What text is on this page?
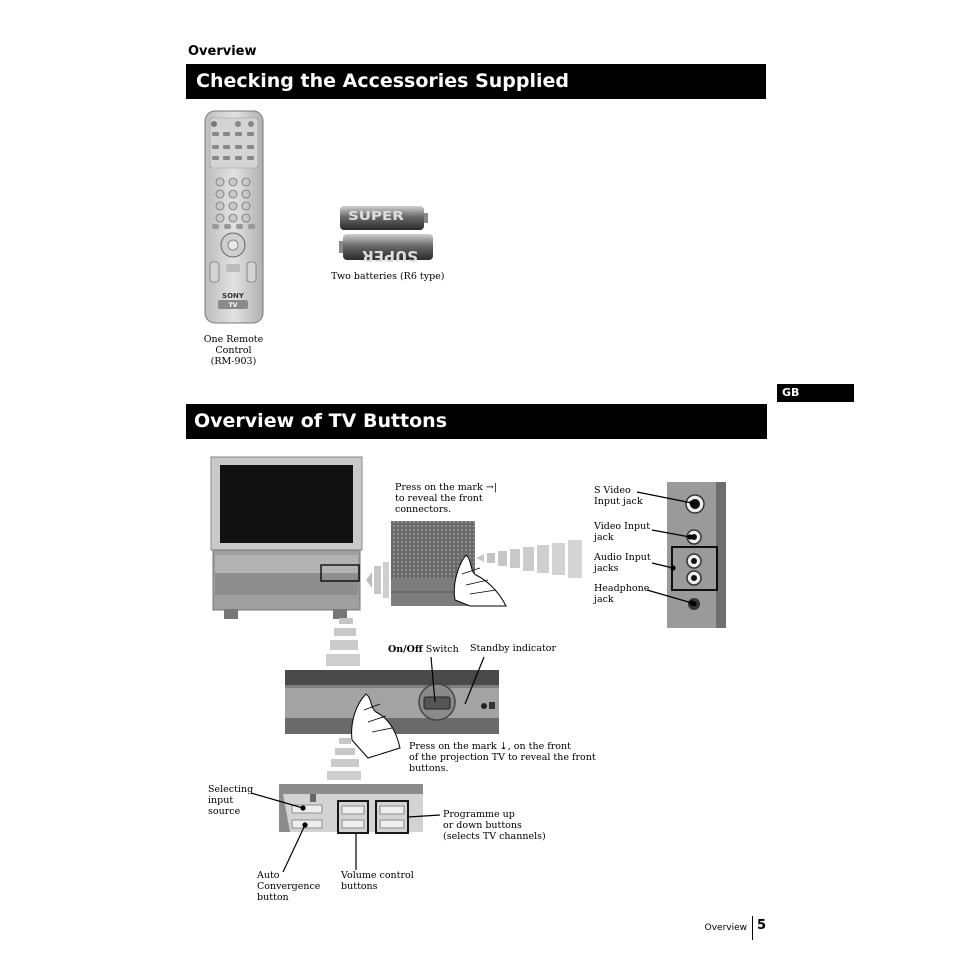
Overview
Checking the Accessories Supplied
GB
Overview of TV Buttons
SONY
TV
SUPER
SUPER
One Remote Control
(RM-903)
Two batteries (R6 type)
Press on the mark →|
to reveal the front
connectors.
S Video
Input jack
Video Input
jack
Audio Input
jacks
Headphone
jack
On/Off Switch Standby indicator
Press on the mark ⤓, on the front
of the projection TV to reveal the front
buttons.
Selecting
input
source	Programme up
or down buttons
(selects TV channels)
Auto
Convergence
button
Volume control
buttons
Overview 5
